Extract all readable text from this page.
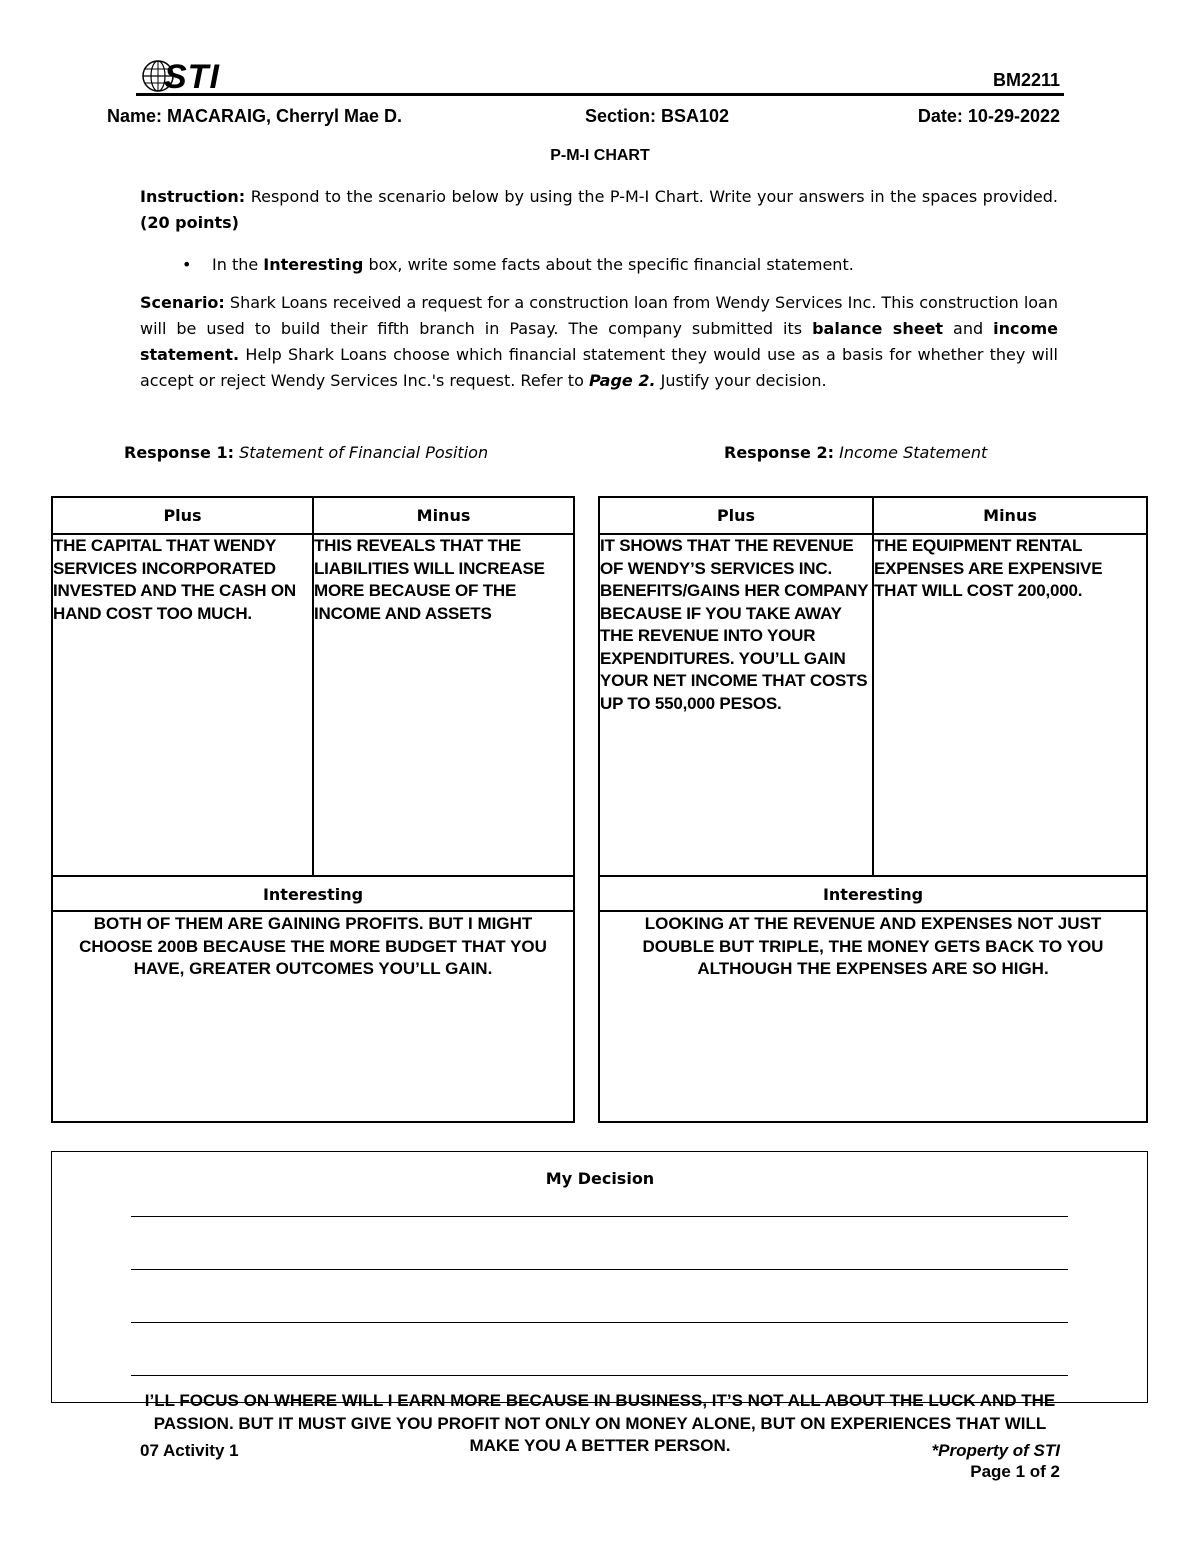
STI	BM2211
Name: MACARAIG, Cherryl Mae D.	Section: BSA102	Date: 10-29-2022
P-M-I CHART
Instruction: Respond to the scenario below by using the P-M-I Chart. Write your answers in the spaces provided. (20 points)
• In the Interesting box, write some facts about the specific financial statement.
Scenario: Shark Loans received a request for a construction loan from Wendy Services Inc. This construction loan will be used to build their fifth branch in Pasay. The company submitted its balance sheet and income statement. Help Shark Loans choose which financial statement they would use as a basis for whether they will accept or reject Wendy Services Inc.'s request. Refer to Page 2. Justify your decision.
Response 1: Statement of Financial Position	Response 2: Income Statement
Plus	Minus
THE CAPITAL THAT WENDY SERVICES INCORPORATED INVESTED AND THE CASH ON HAND COST TOO MUCH.
THIS REVEALS THAT THE LIABILITIES WILL INCREASE MORE BECAUSE OF THE INCOME AND ASSETS
Interesting
BOTH OF THEM ARE GAINING PROFITS. BUT I MIGHT CHOOSE 200B BECAUSE THE MORE BUDGET THAT YOU HAVE, GREATER OUTCOMES YOU’LL GAIN.
Plus	Minus
IT SHOWS THAT THE REVENUE OF WENDY’S SERVICES INC. BENEFITS/GAINS HER COMPANY BECAUSE IF YOU TAKE AWAY THE REVENUE INTO YOUR EXPENDITURES. YOU’LL GAIN YOUR NET INCOME THAT COSTS UP TO 550,000 PESOS.
THE EQUIPMENT RENTAL EXPENSES ARE EXPENSIVE THAT WILL COST 200,000.
Interesting
LOOKING AT THE REVENUE AND EXPENSES NOT JUST DOUBLE BUT TRIPLE, THE MONEY GETS BACK TO YOU ALTHOUGH THE EXPENSES ARE SO HIGH.
My Decision
I’LL FOCUS ON WHERE WILL I EARN MORE BECAUSE IN BUSINESS, IT’S NOT ALL ABOUT THE LUCK AND THE PASSION. BUT IT MUST GIVE YOU PROFIT NOT ONLY ON MONEY ALONE, BUT ON EXPERIENCES THAT WILL MAKE YOU A BETTER PERSON.
07 Activity 1	*Property of STI
Page 1 of 2
